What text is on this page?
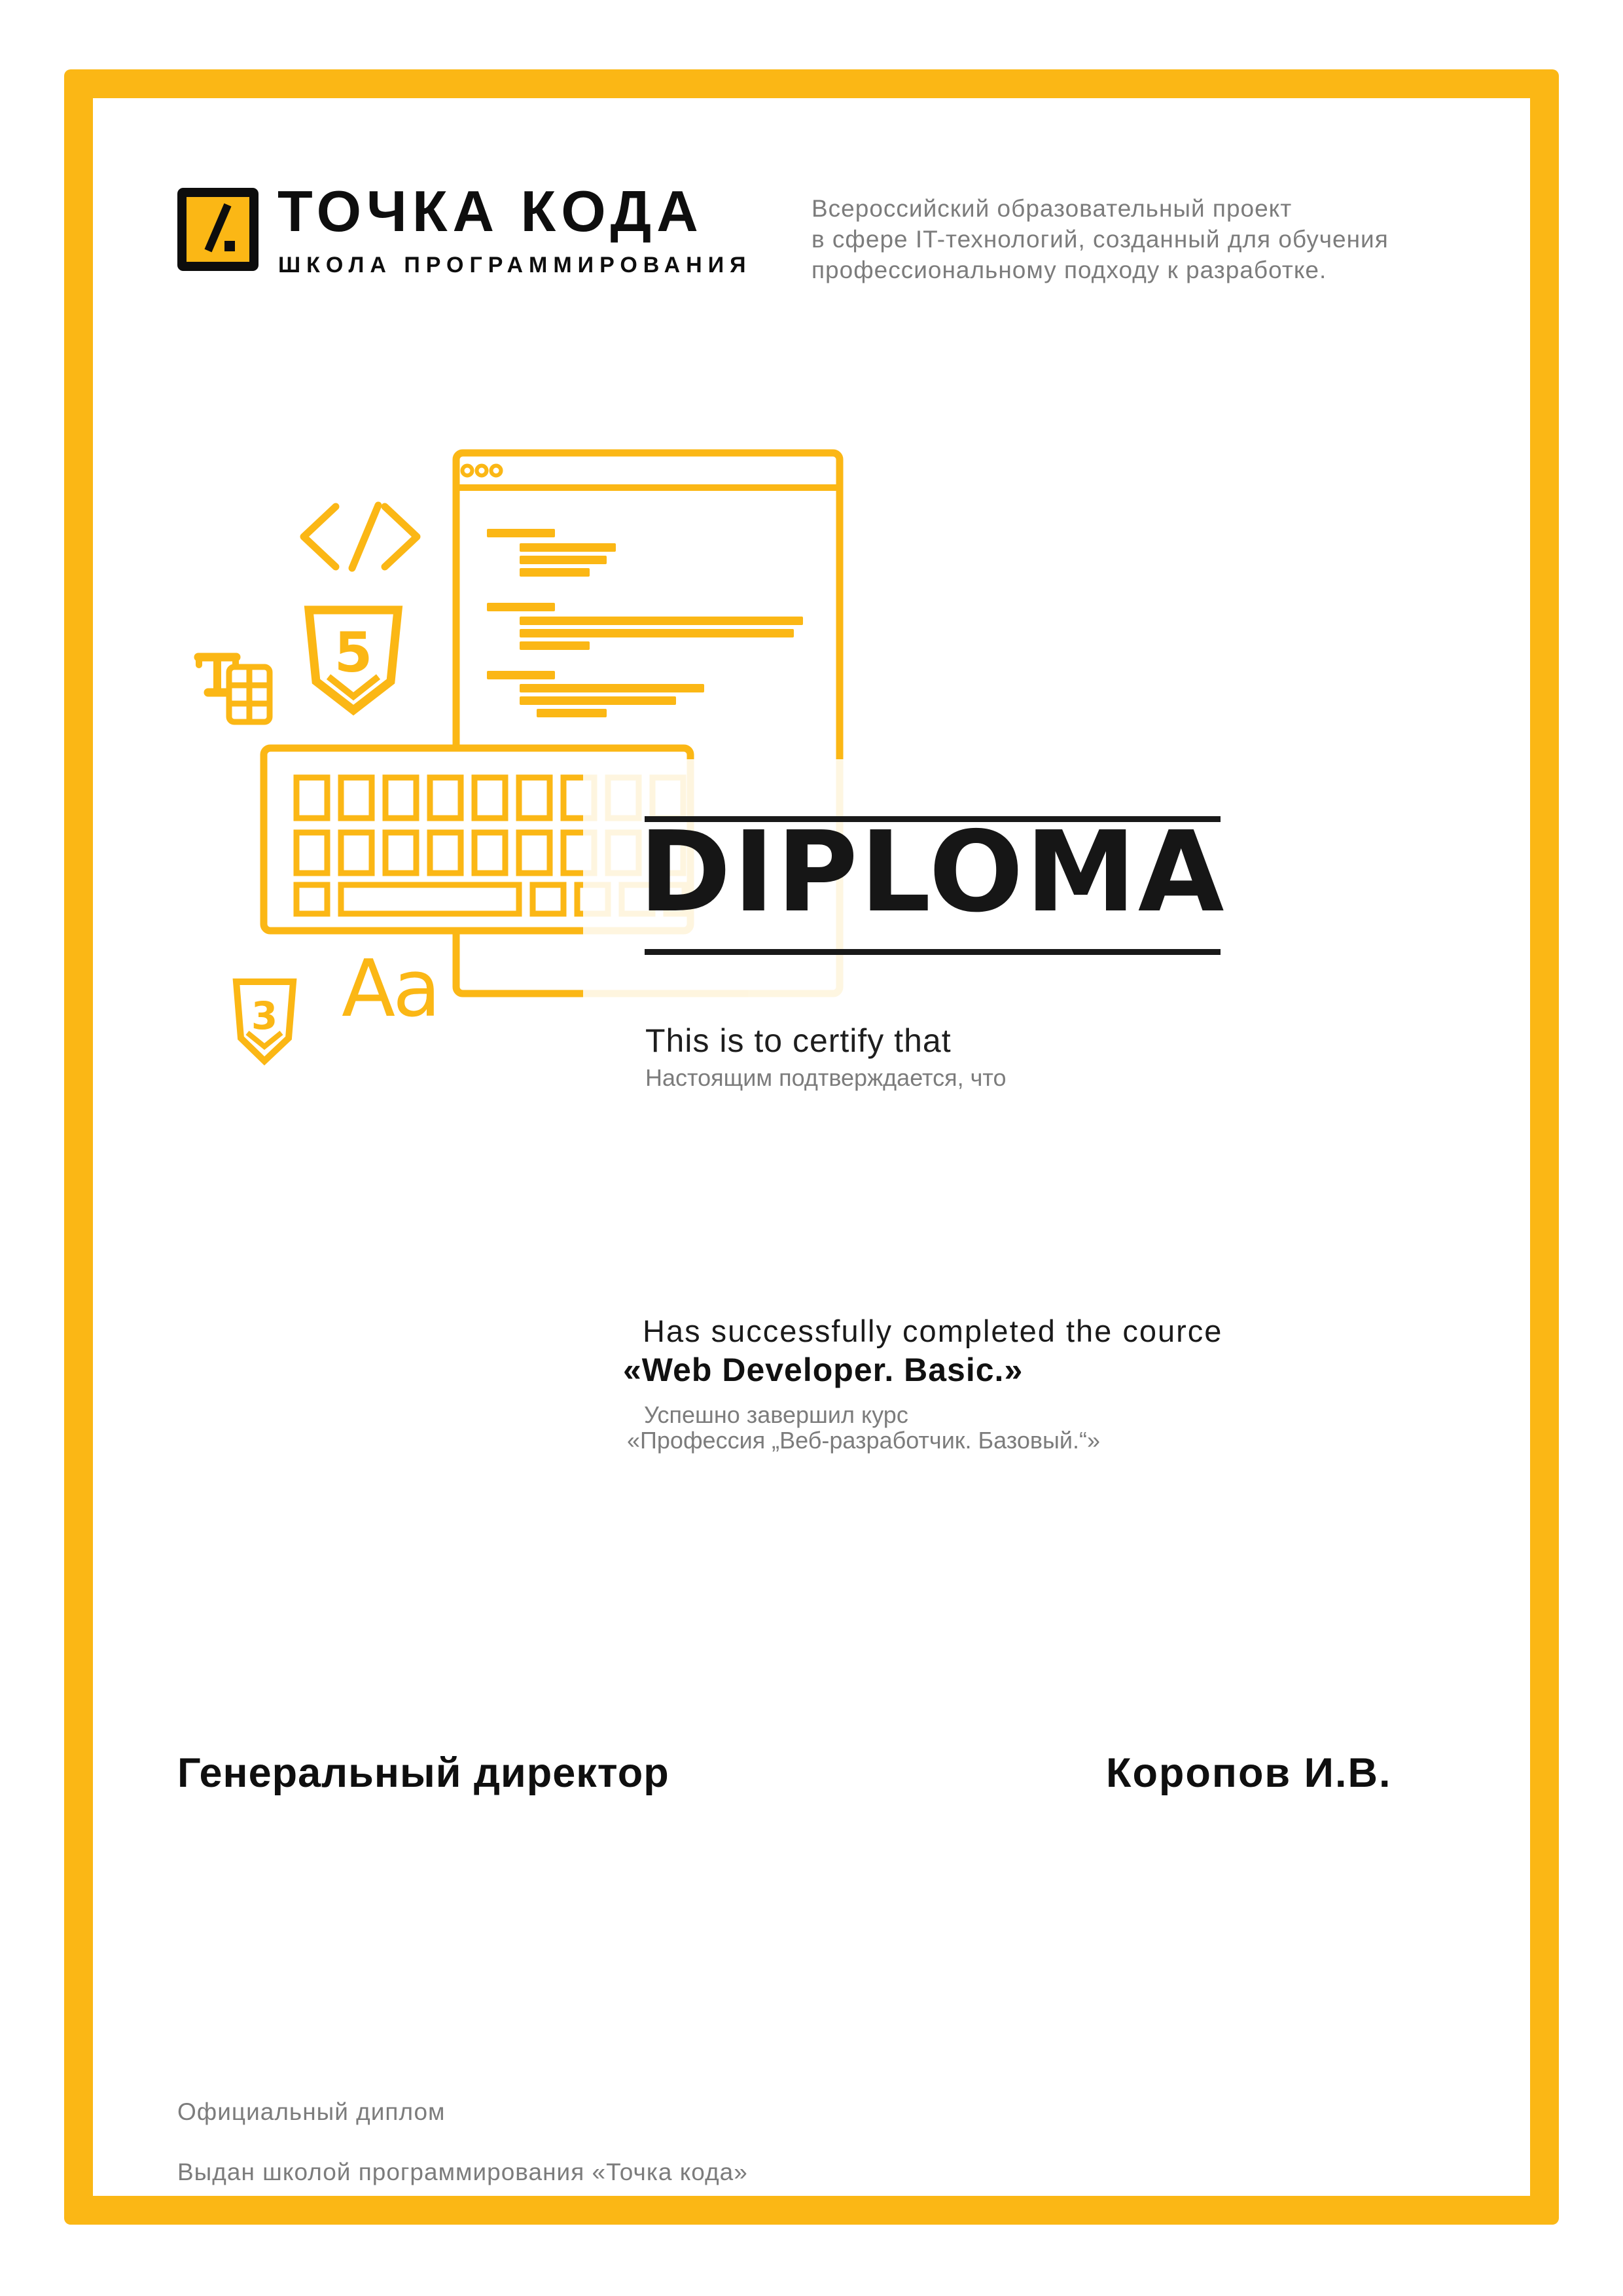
ТОЧКА КОДА
ШКОЛА ПРОГРАММИРОВАНИЯ
Всероссийский образовательный проект
в сфере IT-технологий, созданный для обучения
профессиональному подходу к разработке.
DIPLOMA
This is to certify that
Настоящим подтверждается, что
Has successfully completed the cource
«Web Developer. Basic.»
Успешно завершил курс
«Профессия „Веб-разработчик. Базовый.“»
Генеральный директор	Коропов И.В.

Официальный диплом

Выдан школой программирования «Точка кода»
